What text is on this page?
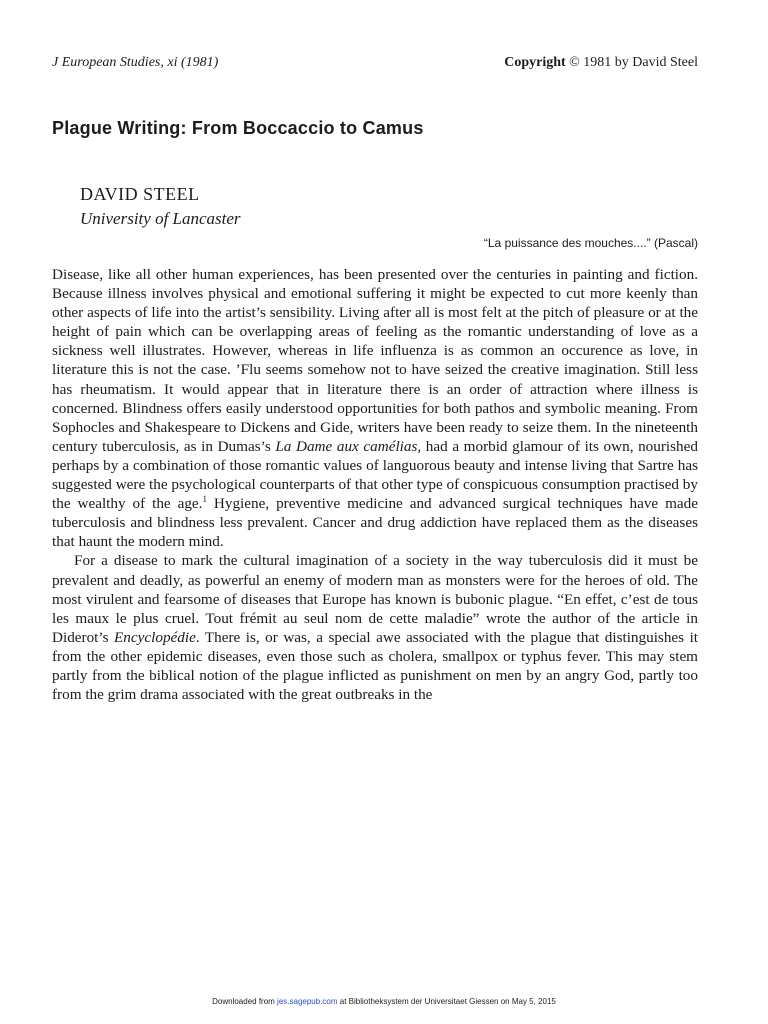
J European Studies, xi (1981)	Copyright © 1981 by David Steel
Plague Writing: From Boccaccio to Camus
DAVID STEEL
University of Lancaster
“La puissance des mouches....” (Pascal)

Disease, like all other human experiences, has been presented over the centuries in painting and fiction. Because illness involves physical and emotional suffering it might be expected to cut more keenly than other aspects of life into the artist’s sensibility. Living after all is most felt at the pitch of pleasure or at the height of pain which can be overlapping areas of feeling as the romantic understanding of love as a sickness well illustrates. However, whereas in life influenza is as common an occurence as love, in literature this is not the case. ’Flu seems somehow not to have seized the creative imagination. Still less has rheumatism. It would appear that in literature there is an order of attraction where illness is concerned. Blindness offers easily understood opportunities for both pathos and symbolic meaning. From Sophocles and Shakespeare to Dickens and Gide, writers have been ready to seize them. In the nineteenth century tuberculosis, as in Dumas’s La Dame aux camélias, had a morbid glamour of its own, nourished perhaps by a combination of those romantic values of languorous beauty and intense living that Sartre has suggested were the psychological counterparts of that other type of conspicuous consumption practised by the wealthy of the age.$^1$ Hygiene, preventive medicine and advanced surgical techniques have made tuberculosis and blindness less prevalent. Cancer and drug addiction have replaced them as the diseases that haunt the modern mind.

For a disease to mark the cultural imagination of a society in the way tuberculosis did it must be prevalent and deadly, as powerful an enemy of modern man as monsters were for the heroes of old. The most virulent and fearsome of diseases that Europe has known is bubonic plague. “En effet, c’est de tous les maux le plus cruel. Tout frémit au seul nom de cette maladie” wrote the author of the article in Diderot’s Encyclopédie. There is, or was, a special awe associated with the plague that distinguishes it from the other epidemic diseases, even those such as cholera, smallpox or typhus fever. This may stem partly from the biblical notion of the plague inflicted as punishment on men by an angry God, partly too from the grim drama associated with the great outbreaks in the

Downloaded from jes.sagepub.com at Bibliotheksystem der Universitaet Giessen on May 5, 2015
